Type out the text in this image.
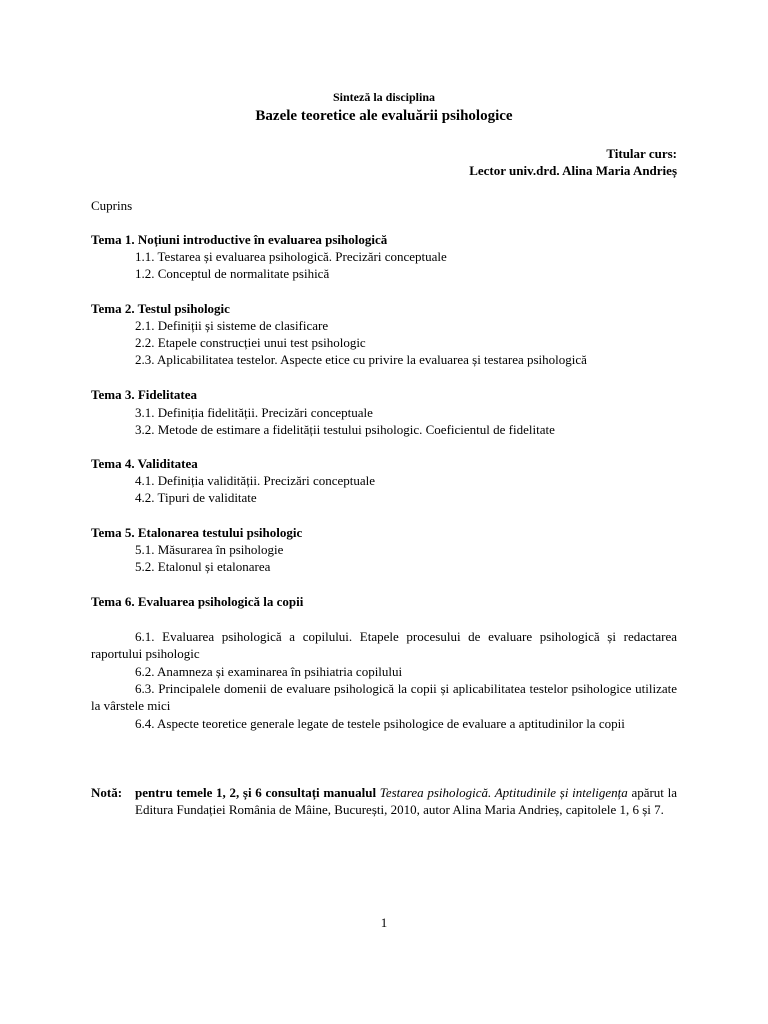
Sinteză la disciplina
Bazele teoretice ale evaluării psihologice
Titular curs:
Lector univ.drd. Alina Maria Andrieș
Cuprins
Tema 1. Noțiuni introductive în evaluarea psihologică
1.1. Testarea și evaluarea psihologică. Precizări conceptuale
1.2. Conceptul de normalitate psihică
Tema 2. Testul psihologic
2.1. Definiții și sisteme de clasificare
2.2. Etapele construcției unui test psihologic
2.3. Aplicabilitatea testelor. Aspecte etice cu privire la evaluarea și testarea psihologică
Tema 3. Fidelitatea
3.1. Definiția fidelității. Precizări conceptuale
3.2. Metode de estimare a fidelității testului psihologic. Coeficientul de fidelitate
Tema 4. Validitatea
4.1. Definiția validității. Precizări conceptuale
4.2. Tipuri de validitate
Tema 5. Etalonarea testului psihologic
5.1. Măsurarea în psihologie
5.2. Etalonul și etalonarea
Tema 6. Evaluarea psihologică la copii
6.1. Evaluarea psihologică a copilului. Etapele procesului de evaluare psihologică și redactarea raportului psihologic
6.2. Anamneza și examinarea în psihiatria copilului
6.3. Principalele domenii de evaluare psihologică la copii și aplicabilitatea testelor psihologice utilizate la vârstele mici
6.4. Aspecte teoretice generale legate de testele psihologice de evaluare a aptitudinilor la copii
Notă: pentru temele 1, 2, și 6 consultați manualul Testarea psihologică. Aptitudinile și inteligența apărut la Editura Fundației România de Mâine, București, 2010, autor Alina Maria Andrieș, capitolele 1, 6 și 7.
1
